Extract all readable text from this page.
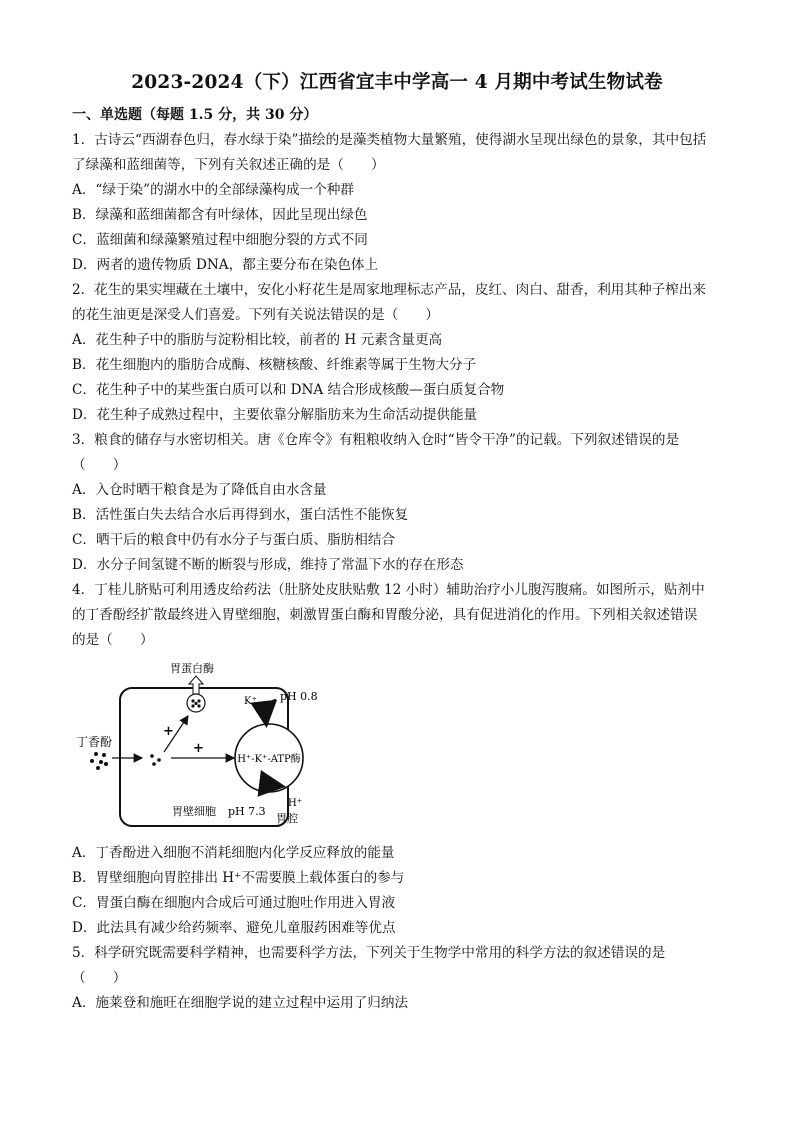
2023-2024（下）江西省宜丰中学高一 4 月期中考试生物试卷
一、单选题（每题 1.5 分，共 30 分）
1．古诗云“西湖春色归，春水绿于染”描绘的是藻类植物大量繁殖，使得湖水呈现出绿色的景象，其中包括
了绿藻和蓝细菌等，下列有关叙述正确的是（　　）
A．“绿于染”的湖水中的全部绿藻构成一个种群
B．绿藻和蓝细菌都含有叶绿体，因此呈现出绿色
C．蓝细菌和绿藻繁殖过程中细胞分裂的方式不同
D．两者的遗传物质 DNA，都主要分布在染色体上
2．花生的果实埋藏在土壤中，安化小籽花生是周家地理标志产品，皮红、肉白、甜香，利用其种子榨出来
的花生油更是深受人们喜爱。下列有关说法错误的是（　　）
A．花生种子中的脂肪与淀粉相比较，前者的 H 元素含量更高
B．花生细胞内的脂肪合成酶、核糖核酸、纤维素等属于生物大分子
C．花生种子中的某些蛋白质可以和 DNA 结合形成核酸—蛋白质复合物
D．花生种子成熟过程中，主要依靠分解脂肪来为生命活动提供能量
3．粮食的储存与水密切相关。唐《仓库令》有粗粮收纳入仓时“皆令干净”的记载。下列叙述错误的是
（　　）
A．入仓时晒干粮食是为了降低自由水含量
B．活性蛋白失去结合水后再得到水，蛋白活性不能恢复
C．晒干后的粮食中仍有水分子与蛋白质、脂肪相结合
D．水分子间氢键不断的断裂与形成，维持了常温下水的存在形态
4．丁桂儿脐贴可利用透皮给药法（肚脐处皮肤贴敷 12 小时）辅助治疗小儿腹泻腹痛。如图所示，贴剂中
的丁香酚经扩散最终进入胃壁细胞，刺激胃蛋白酶和胃酸分泌，具有促进消化的作用。下列相关叙述错误
的是（　　）
胃蛋白酶
丁香酚
+
+
H⁺-K⁺-ATP酶
K⁺ pH 0.8
H⁺
胃腔
胃壁细胞 pH 7.3
A．丁香酚进入细胞不消耗细胞内化学反应释放的能量
B．胃壁细胞向胃腔排出 H⁺不需要膜上载体蛋白的参与
C．胃蛋白酶在细胞内合成后可通过胞吐作用进入胃液
D．此法具有减少给药频率、避免儿童服药困难等优点
5．科学研究既需要科学精神，也需要科学方法，下列关于生物学中常用的科学方法的叙述错误的是
（　　）
A．施莱登和施旺在细胞学说的建立过程中运用了归纳法
